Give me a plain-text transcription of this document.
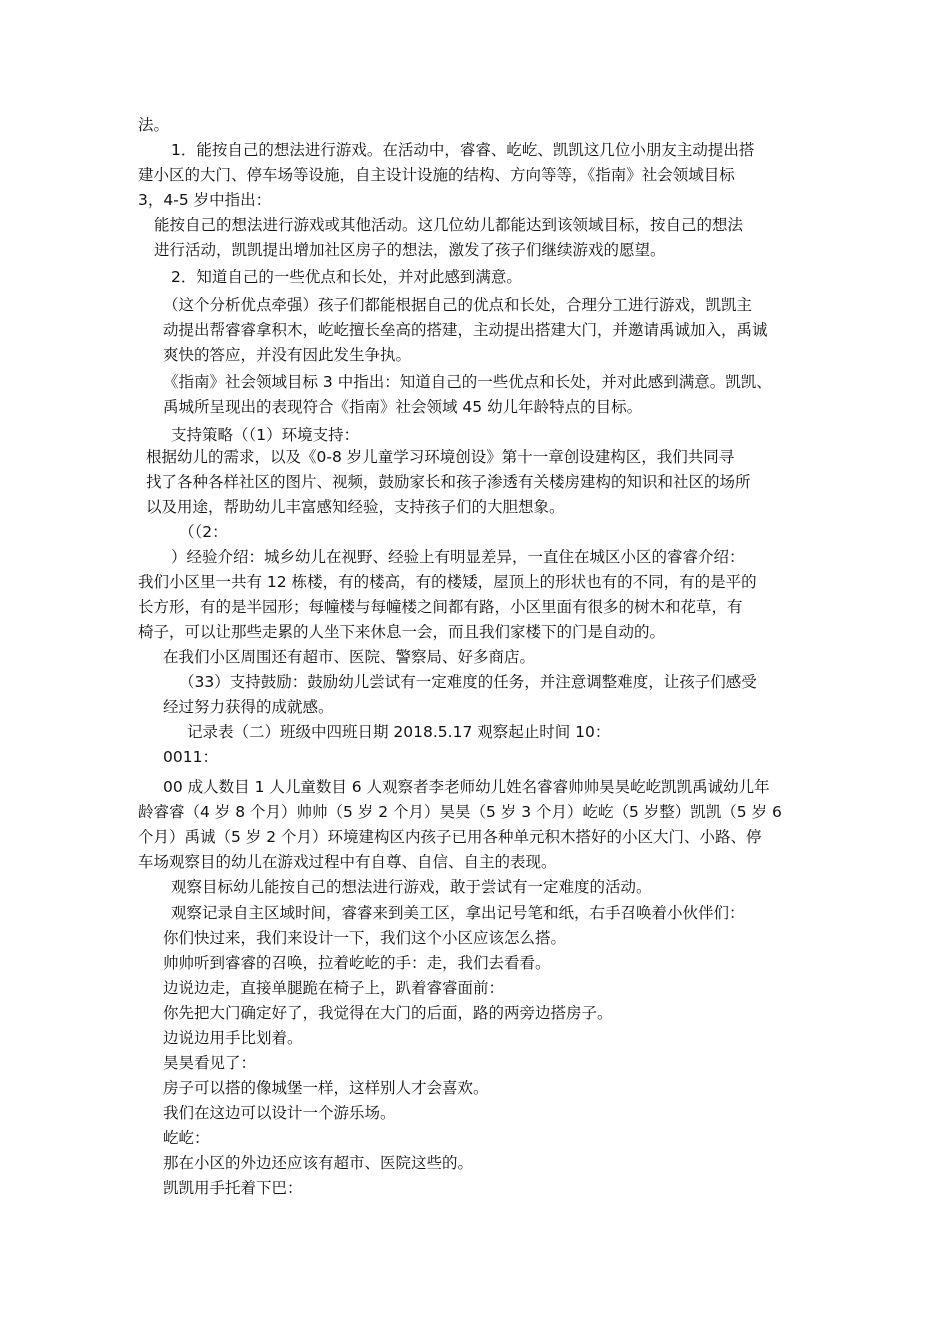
法。

1．能按自己的想法进行游戏。在活动中，睿睿、屹屹、凯凯这几位小朋友主动提出搭

建小区的大门、停车场等设施，自主设计设施的结构、方向等等，《指南》社会领域目标

3，4-5 岁中指出：

能按自己的想法进行游戏或其他活动。这几位幼儿都能达到该领域目标，按自己的想法

进行活动，凯凯提出增加社区房子的想法，激发了孩子们继续游戏的愿望。

2．知道自己的一些优点和长处，并对此感到满意。

（这个分析优点牵强）孩子们都能根据自己的优点和长处，合理分工进行游戏，凯凯主

动提出帮睿睿拿积木，屹屹擅长垒高的搭建，主动提出搭建大门，并邀请禹诚加入，禹诚

爽快的答应，并没有因此发生争执。

《指南》社会领域目标 3 中指出：知道自己的一些优点和长处，并对此感到满意。凯凯、

禹城所呈现出的表现符合《指南》社会领域 45 幼儿年龄特点的目标。

支持策略（（1）环境支持：

根据幼儿的需求，以及《0-8 岁儿童学习环境创设》第十一章创设建构区，我们共同寻

找了各种各样社区的图片、视频，鼓励家长和孩子渗透有关楼房建构的知识和社区的场所

以及用途，帮助幼儿丰富感知经验，支持孩子们的大胆想象。

（（2：

）经验介绍：城乡幼儿在视野、经验上有明显差异，一直住在城区小区的睿睿介绍：

我们小区里一共有 12 栋楼，有的楼高，有的楼矮，屋顶上的形状也有的不同，有的是平的

长方形，有的是半园形；每幢楼与每幢楼之间都有路，小区里面有很多的树木和花草，有

椅子，可以让那些走累的人坐下来休息一会，而且我们家楼下的门是自动的。

在我们小区周围还有超市、医院、警察局、好多商店。

（33）支持鼓励：鼓励幼儿尝试有一定难度的任务，并注意调整难度，让孩子们感受

经过努力获得的成就感。

记录表（二）班级中四班日期 2018.5.17 观察起止时间 10：

0011：

00 成人数目 1 人儿童数目 6 人观察者李老师幼儿姓名睿睿帅帅昊昊屹屹凯凯禹诚幼儿年

龄睿睿（4 岁 8 个月）帅帅（5 岁 2 个月）昊昊（5 岁 3 个月）屹屹（5 岁整）凯凯（5 岁 6

个月）禹诚（5 岁 2 个月）环境建构区内孩子已用各种单元积木搭好的小区大门、小路、停

车场观察目的幼儿在游戏过程中有自尊、自信、自主的表现。

观察目标幼儿能按自己的想法进行游戏，敢于尝试有一定难度的活动。

观察记录自主区域时间，睿睿来到美工区，拿出记号笔和纸，右手召唤着小伙伴们：

你们快过来，我们来设计一下，我们这个小区应该怎么搭。

帅帅听到睿睿的召唤，拉着屹屹的手：走，我们去看看。

边说边走，直接单腿跪在椅子上，趴着睿睿面前：

你先把大门确定好了，我觉得在大门的后面，路的两旁边搭房子。

边说边用手比划着。

昊昊看见了：

房子可以搭的像城堡一样，这样别人才会喜欢。

我们在这边可以设计一个游乐场。

屹屹：

那在小区的外边还应该有超市、医院这些的。

凯凯用手托着下巴：
